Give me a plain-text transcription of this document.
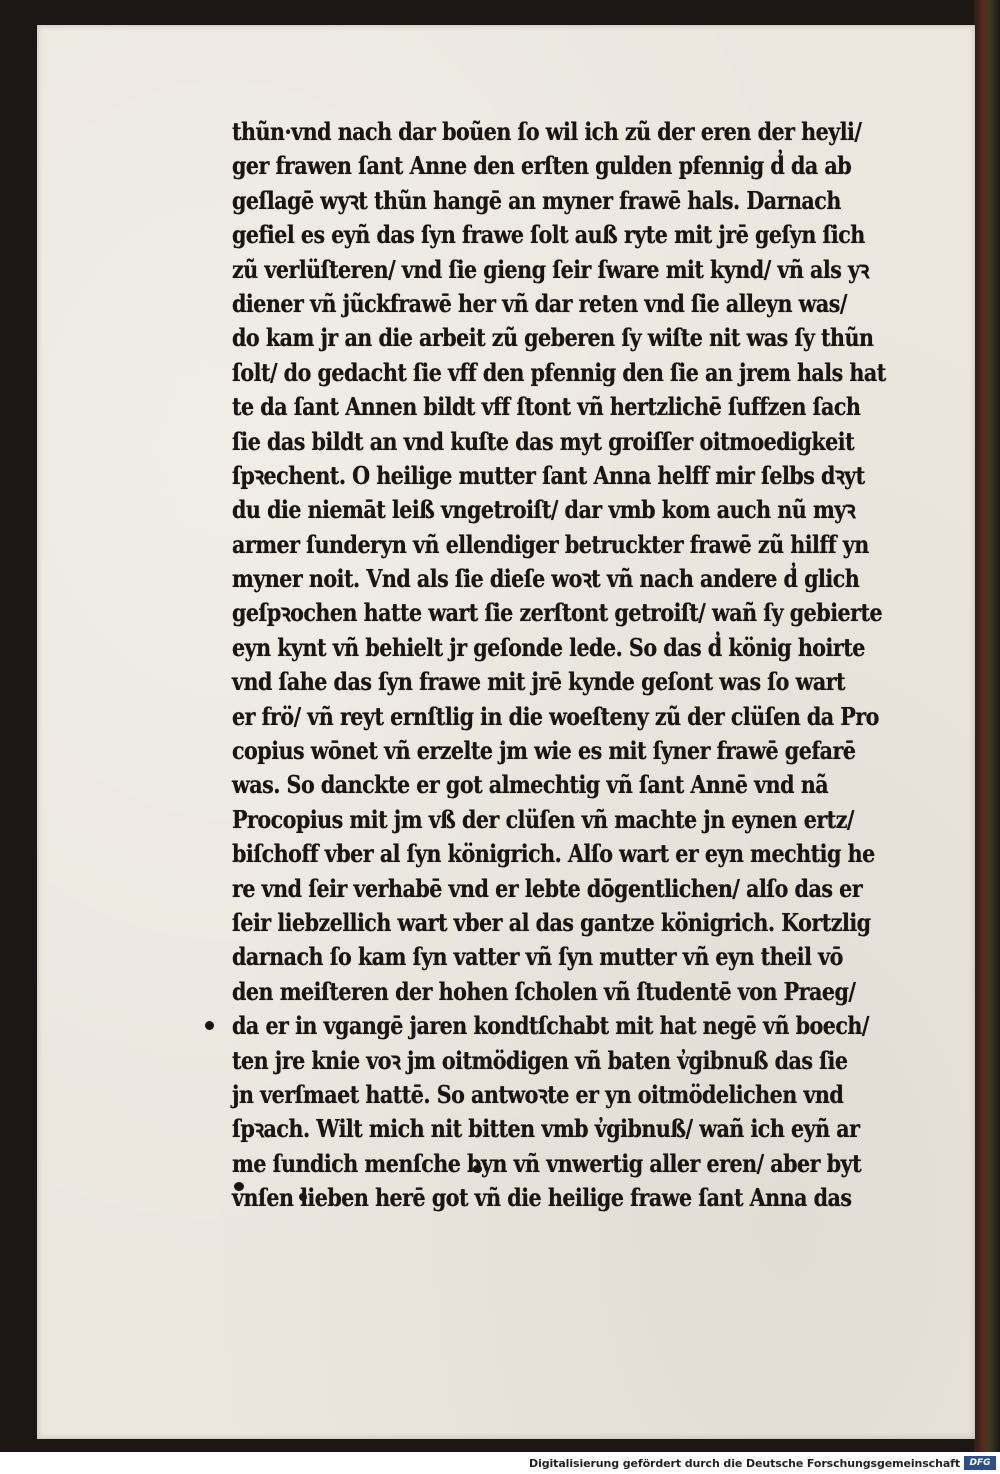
thũn·vnd nach dar boũen ſo wil ich zũ der eren der heyli/
ger frawen ſant Anne den erſten gulden pfennig d̓ da ab
geſlagē wyꝛt thũn hangē an myner frawē hals. Darnach
gefiel es eyñ das ſyn frawe ſolt auß ryte mit jrē geſyn ſich
zũ verlüſteren/ vnd ſie gieng ſeir ſware mit kynd/ vñ als yꝛ
diener vñ jũckfrawē her vñ dar reten vnd ſie alleyn was/
do kam jr an die arbeit zũ geberen ſy wiſte nit was ſy thũn
ſolt/ do gedacht ſie vff den pfennig den ſie an jrem hals hat
te da ſant Annen bildt vff ſtont vñ hertzlichē ſuffzen ſach
ſie das bildt an vnd kuſte das myt groiſſer oitmoedigkeit
ſpꝛechent. O heilige mutter ſant Anna helff mir ſelbs dꝛyt
du die niemāt leiß vngetroiſt/ dar vmb kom auch nũ myꝛ
armer ſunderyn vñ ellendiger betruckter frawē zũ hilff yn
myner noit. Vnd als ſie dieſe woꝛt vñ nach andere d̓ glich
geſpꝛochen hatte wart ſie zerſtont getroiſt/ wañ ſy gebierte
eyn kynt vñ behielt jr geſonde lede. So das d̓ könig hoirte
vnd ſahe das ſyn frawe mit jrē kynde geſont was ſo wart
er frö/ vñ reyt ernſtlig in die woeſteny zũ der clüſen da Pro
copius wōnet vñ erzelte jm wie es mit ſyner frawē gefarē
was. So danckte er got almechtig vñ ſant Annē vnd nã
Procopius mit jm vß der clüſen vñ machte jn eynen ertz/
biſchoff vber al ſyn königrich. Alſo wart er eyn mechtig he
re vnd ſeir verhabē vnd er lebte dōgentlichen/ alſo das er
ſeir liebzellich wart vber al das gantze königrich. Kortzlig
darnach ſo kam ſyn vatter vñ ſyn mutter vñ eyn theil vō
den meiſteren der hohen ſcholen vñ ſtudentē von Praeg/
da er in vgangē jaren kondtſchabt mit hat negē vñ boech/
ten jre knie voꝛ jm oitmödigen vñ baten v̓gibnuß das ſie
jn verſmaet hattē. So antwoꝛte er yn oitmödelichen vnd
ſpꝛach. Wilt mich nit bitten vmb v̓gibnuß/ wañ ich eyñ ar
me ſundich menſche byn vñ vnwertig aller eren/ aber byt
vnſen lieben herē got vñ die heilige frawe ſant Anna das
Digitalisierung gefördert durch die Deutsche Forschungsgemeinschaft	DFG
